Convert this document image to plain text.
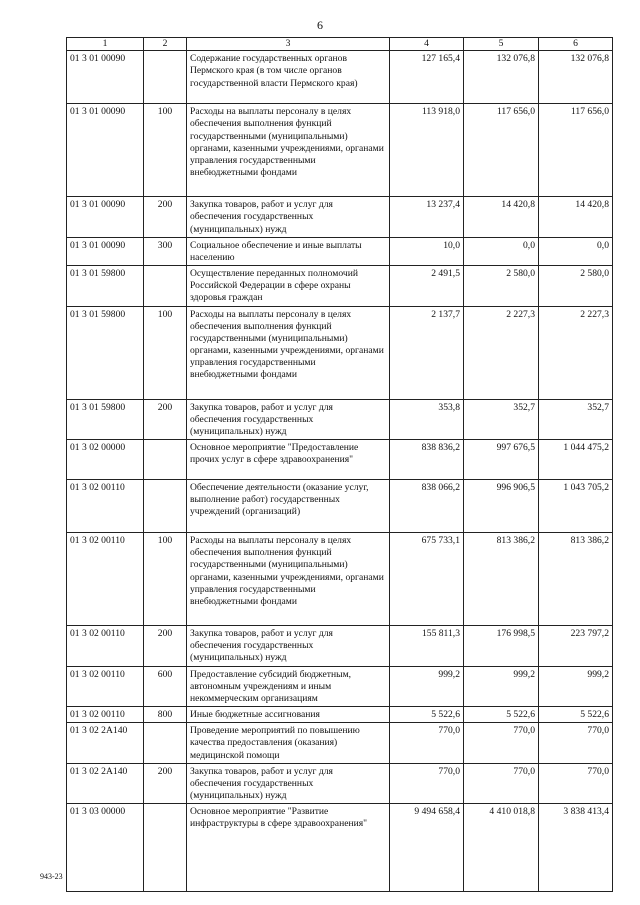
6
1	2	3	4	5	6
01 3 01 00090		Содержание государственных органов Пермского края (в том числе органов государственной власти Пермского края)	127 165,4	132 076,8	132 076,8
01 3 01 00090	100	Расходы на выплаты персоналу в целях обеспечения выполнения функций государственными (муниципальными) органами, казенными учреждениями, органами управления государственными внебюджетными фондами	113 918,0	117 656,0	117 656,0
01 3 01 00090	200	Закупка товаров, работ и услуг для обеспечения государственных (муниципальных) нужд	13 237,4	14 420,8	14 420,8
01 3 01 00090	300	Социальное обеспечение и иные выплаты населению	10,0	0,0	0,0
01 3 01 59800		Осуществление переданных полномочий Российской Федерации в сфере охраны здоровья граждан	2 491,5	2 580,0	2 580,0
01 3 01 59800	100	Расходы на выплаты персоналу в целях обеспечения выполнения функций государственными (муниципальными) органами, казенными учреждениями, органами управления государственными внебюджетными фондами	2 137,7	2 227,3	2 227,3
01 3 01 59800	200	Закупка товаров, работ и услуг для обеспечения государственных (муниципальных) нужд	353,8	352,7	352,7
01 3 02 00000		Основное мероприятие "Предоставление прочих услуг в сфере здравоохранения"	838 836,2	997 676,5	1 044 475,2
01 3 02 00110		Обеспечение деятельности (оказание услуг, выполнение работ) государственных учреждений (организаций)	838 066,2	996 906,5	1 043 705,2
01 3 02 00110	100	Расходы на выплаты персоналу в целях обеспечения выполнения функций государственными (муниципальными) органами, казенными учреждениями, органами управления государственными внебюджетными фондами	675 733,1	813 386,2	813 386,2
01 3 02 00110	200	Закупка товаров, работ и услуг для обеспечения государственных (муниципальных) нужд	155 811,3	176 998,5	223 797,2
01 3 02 00110	600	Предоставление субсидий бюджетным, автономным учреждениям и иным некоммерческим организациям	999,2	999,2	999,2
01 3 02 00110	800	Иные бюджетные ассигнования	5 522,6	5 522,6	5 522,6
01 3 02 2А140		Проведение мероприятий по повышению качества предоставления (оказания) медицинской помощи	770,0	770,0	770,0
01 3 02 2А140	200	Закупка товаров, работ и услуг для обеспечения государственных (муниципальных) нужд	770,0	770,0	770,0
01 3 03 00000		Основное мероприятие "Развитие инфраструктуры в сфере здравоохранения"	9 494 658,4	4 410 018,8	3 838 413,4
943-23
